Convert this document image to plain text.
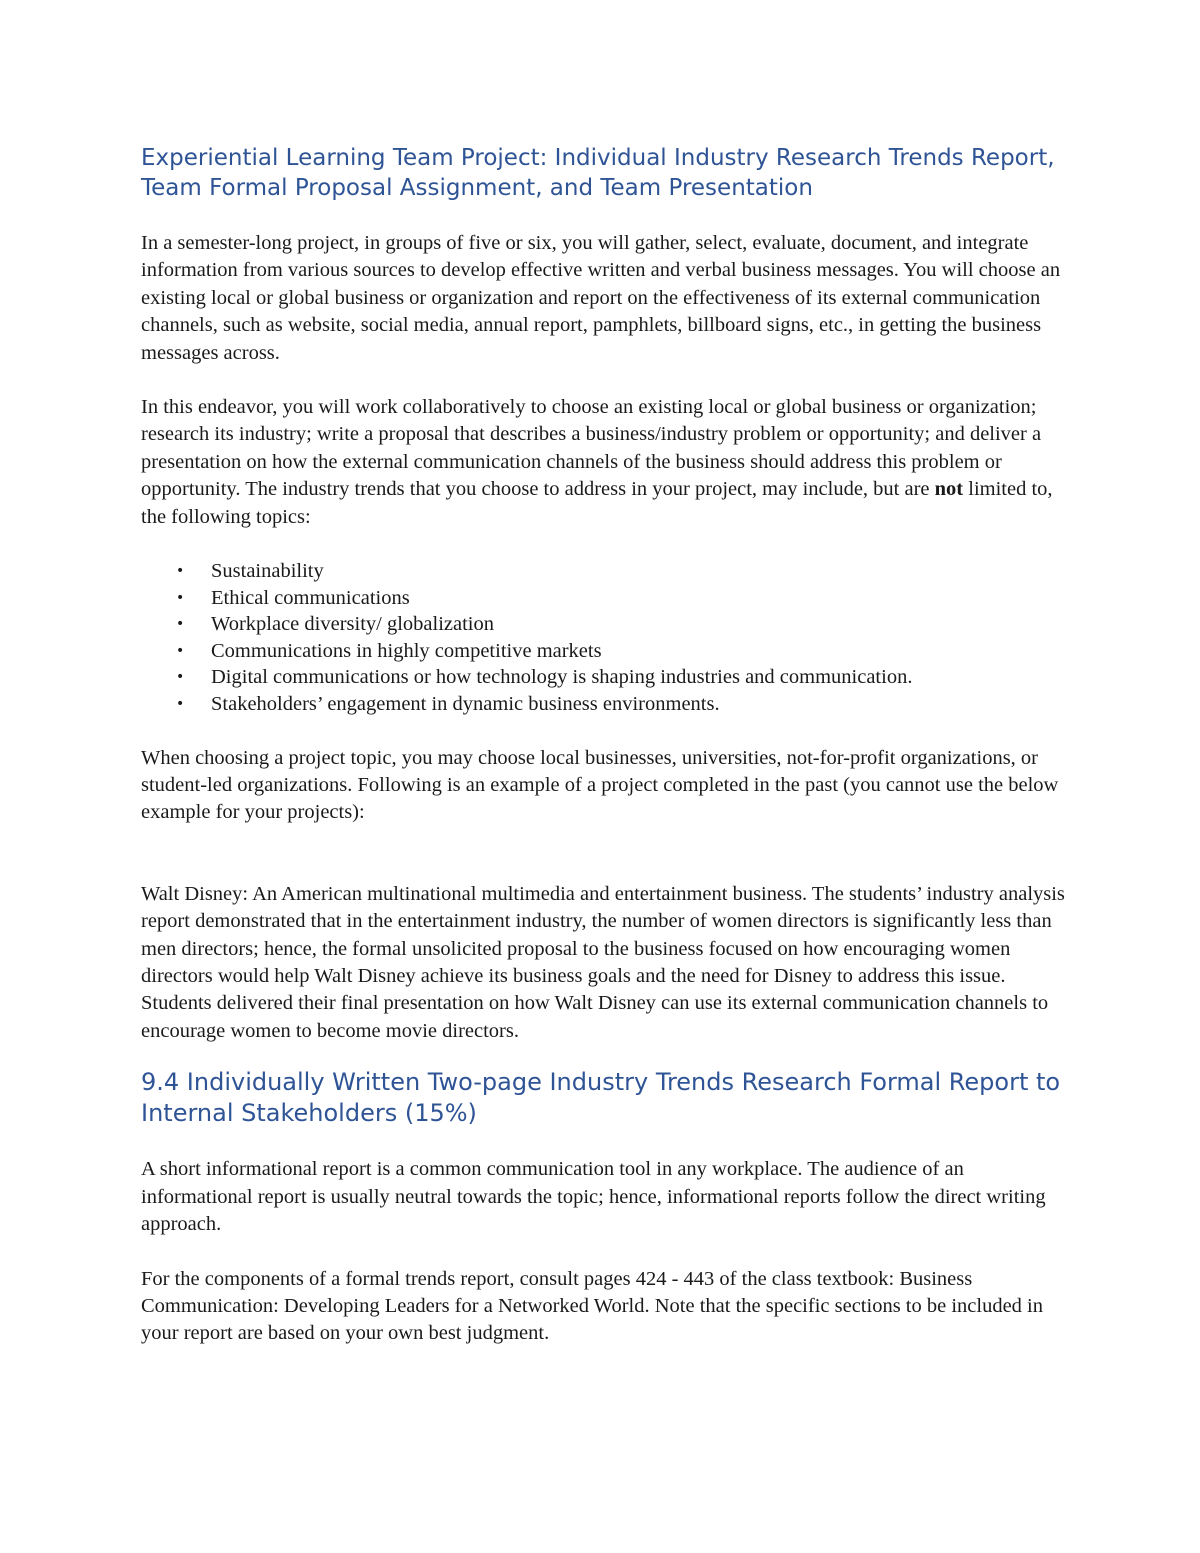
Experiential Learning Team Project: Individual Industry Research Trends Report, Team Formal Proposal Assignment, and Team Presentation

In a semester-long project, in groups of five or six, you will gather, select, evaluate, document, and integrate information from various sources to develop effective written and verbal business messages. You will choose an existing local or global business or organization and report on the effectiveness of its external communication channels, such as website, social media, annual report, pamphlets, billboard signs, etc., in getting the business messages across.

In this endeavor, you will work collaboratively to choose an existing local or global business or organization; research its industry; write a proposal that describes a business/industry problem or opportunity; and deliver a presentation on how the external communication channels of the business should address this problem or opportunity. The industry trends that you choose to address in your project, may include, but are not limited to, the following topics:

• Sustainability
• Ethical communications
• Workplace diversity/ globalization
• Communications in highly competitive markets
• Digital communications or how technology is shaping industries and communication.
• Stakeholders’ engagement in dynamic business environments.

When choosing a project topic, you may choose local businesses, universities, not-for-profit organizations, or student-led organizations. Following is an example of a project completed in the past (you cannot use the below example for your projects):

Walt Disney: An American multinational multimedia and entertainment business. The students’ industry analysis report demonstrated that in the entertainment industry, the number of women directors is significantly less than men directors; hence, the formal unsolicited proposal to the business focused on how encouraging women directors would help Walt Disney achieve its business goals and the need for Disney to address this issue. Students delivered their final presentation on how Walt Disney can use its external communication channels to encourage women to become movie directors.

9.4 Individually Written Two-page Industry Trends Research Formal Report to Internal Stakeholders (15%)

A short informational report is a common communication tool in any workplace. The audience of an informational report is usually neutral towards the topic; hence, informational reports follow the direct writing approach.

For the components of a formal trends report, consult pages 424 - 443 of the class textbook: Business Communication: Developing Leaders for a Networked World. Note that the specific sections to be included in your report are based on your own best judgment.
